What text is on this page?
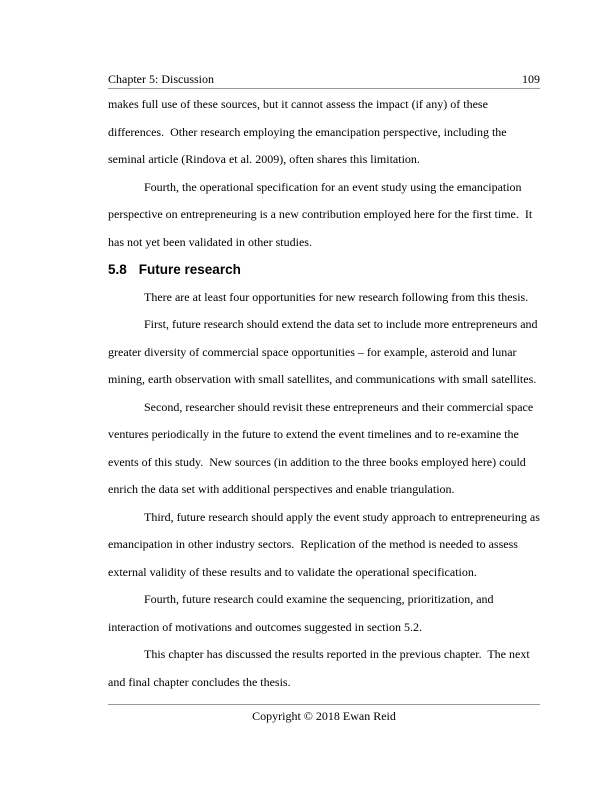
Chapter 5: Discussion	109
makes full use of these sources, but it cannot assess the impact (if any) of these
differences.  Other research employing the emancipation perspective, including the
seminal article (Rindova et al. 2009), often shares this limitation.
Fourth, the operational specification for an event study using the emancipation
perspective on entrepreneuring is a new contribution employed here for the first time.  It
has not yet been validated in other studies.
5.8 Future research
There are at least four opportunities for new research following from this thesis.
First, future research should extend the data set to include more entrepreneurs and
greater diversity of commercial space opportunities – for example, asteroid and lunar
mining, earth observation with small satellites, and communications with small satellites.
Second, researcher should revisit these entrepreneurs and their commercial space
ventures periodically in the future to extend the event timelines and to re-examine the
events of this study.  New sources (in addition to the three books employed here) could
enrich the data set with additional perspectives and enable triangulation.
Third, future research should apply the event study approach to entrepreneuring as
emancipation in other industry sectors.  Replication of the method is needed to assess
external validity of these results and to validate the operational specification.
Fourth, future research could examine the sequencing, prioritization, and
interaction of motivations and outcomes suggested in section 5.2.
This chapter has discussed the results reported in the previous chapter.  The next
and final chapter concludes the thesis.
Copyright © 2018 Ewan Reid
